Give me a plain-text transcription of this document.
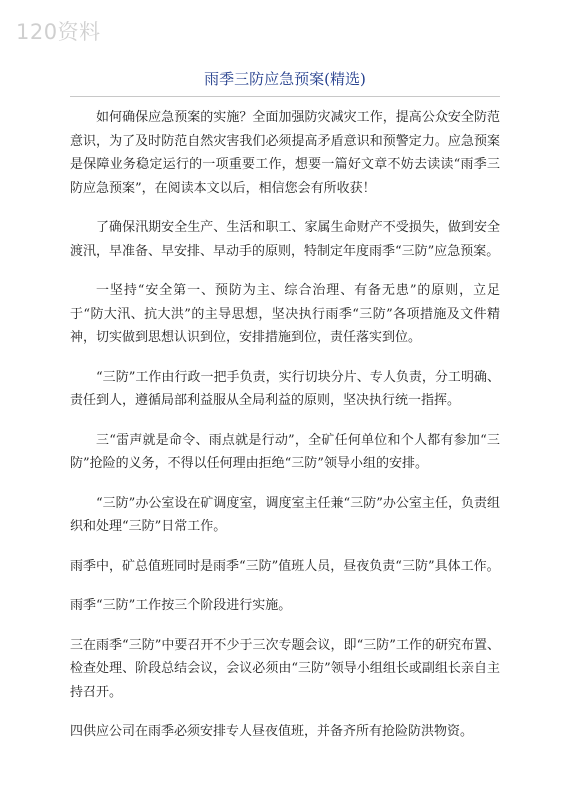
120资料
雨季三防应急预案(精选)

如何确保应急预案的实施？全面加强防灾减灾工作，提高公众安全防范意识，为了及时防范自然灾害我们必须提高矛盾意识和预警定力。应急预案是保障业务稳定运行的一项重要工作，想要一篇好文章不妨去读读“雨季三防应急预案”，在阅读本文以后，相信您会有所收获！

了确保汛期安全生产、生活和职工、家属生命财产不受损失，做到安全渡汛，早准备、早安排、早动手的原则，特制定年度雨季“三防”应急预案。

一坚持“安全第一、预防为主、综合治理、有备无患”的原则，立足于“防大汛、抗大洪”的主导思想，坚决执行雨季“三防”各项措施及文件精神，切实做到思想认识到位，安排措施到位，责任落实到位。

“三防”工作由行政一把手负责，实行切块分片、专人负责，分工明确、责任到人，遵循局部利益服从全局利益的原则，坚决执行统一指挥。

三“雷声就是命令、雨点就是行动”，全矿任何单位和个人都有参加“三防”抢险的义务，不得以任何理由拒绝“三防”领导小组的安排。

“三防”办公室设在矿调度室，调度室主任兼“三防”办公室主任，负责组织和处理“三防”日常工作。

雨季中，矿总值班同时是雨季“三防”值班人员，昼夜负责“三防”具体工作。

雨季“三防”工作按三个阶段进行实施。

三在雨季“三防”中要召开不少于三次专题会议，即“三防”工作的研究布置、检查处理、阶段总结会议，会议必须由“三防”领导小组组长或副组长亲自主持召开。

四供应公司在雨季必须安排专人昼夜值班，并备齐所有抢险防洪物资。
